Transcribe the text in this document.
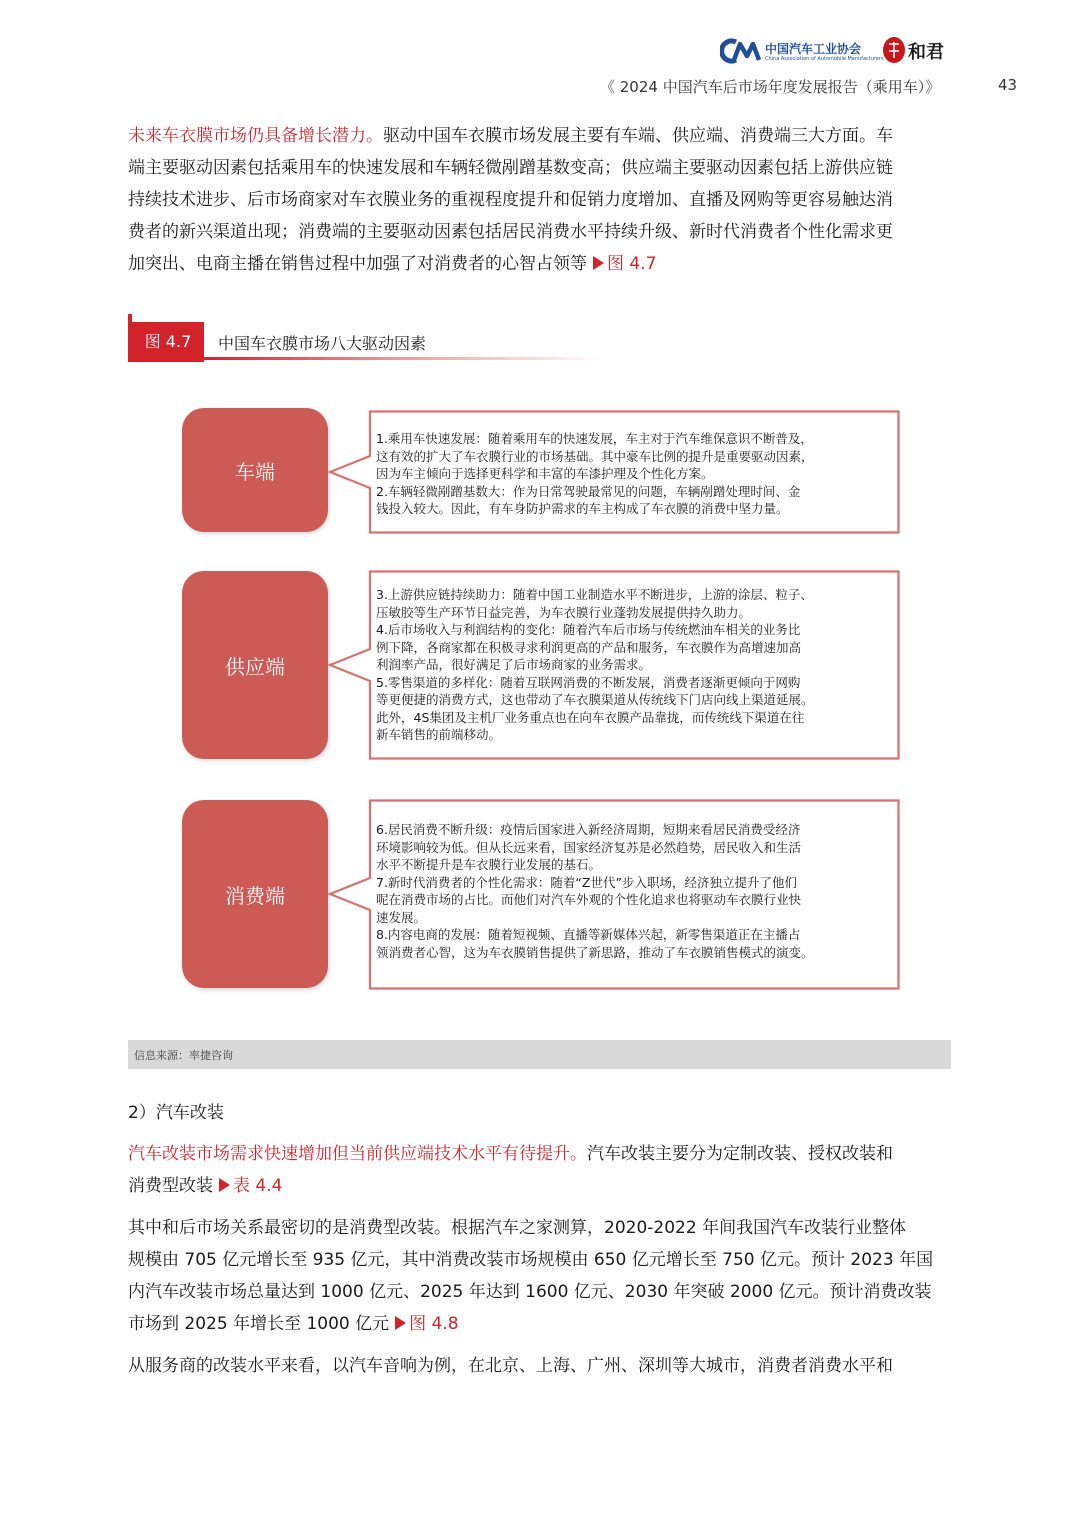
中国汽车工业协会
China Association of Automobile Manufacturers 和君
《 2024 中国汽车后市场年度发展报告（乘用车）》	43
未来车衣膜市场仍具备增长潜力。驱动中国车衣膜市场发展主要有车端、供应端、消费端三大方面。车
端主要驱动因素包括乘用车的快速发展和车辆轻微剐蹭基数变高；供应端主要驱动因素包括上游供应链
持续技术进步、后市场商家对车衣膜业务的重视程度提升和促销力度增加、直播及网购等更容易触达消
费者的新兴渠道出现；消费端的主要驱动因素包括居民消费水平持续升级、新时代消费者个性化需求更
加突出、电商主播在销售过程中加强了对消费者的心智占领等 图 4.7
图 4.7	中国车衣膜市场八大驱动因素
车端
1.乘用车快速发展：随着乘用车的快速发展，车主对于汽车维保意识不断普及，
这有效的扩大了车衣膜行业的市场基础。其中豪车比例的提升是重要驱动因素，
因为车主倾向于选择更科学和丰富的车漆护理及个性化方案。
2.车辆轻微剐蹭基数大：作为日常驾驶最常见的问题，车辆剐蹭处理时间、金
钱投入较大。因此，有车身防护需求的车主构成了车衣膜的消费中坚力量。
供应端
3.上游供应链持续助力：随着中国工业制造水平不断进步，上游的涂层、粒子、
压敏胶等生产环节日益完善，为车衣膜行业蓬勃发展提供持久助力。
4.后市场收入与利润结构的变化：随着汽车后市场与传统燃油车相关的业务比
例下降，各商家都在积极寻求利润更高的产品和服务，车衣膜作为高增速加高
利润率产品，很好满足了后市场商家的业务需求。
5.零售渠道的多样化：随着互联网消费的不断发展，消费者逐渐更倾向于网购
等更便捷的消费方式，这也带动了车衣膜渠道从传统线下门店向线上渠道延展。
此外，4S集团及主机厂业务重点也在向车衣膜产品靠拢，而传统线下渠道在往
新车销售的前端移动。
消费端
6.居民消费不断升级：疫情后国家进入新经济周期，短期来看居民消费受经济
环境影响较为低。但从长远来看，国家经济复苏是必然趋势，居民收入和生活
水平不断提升是车衣膜行业发展的基石。
7.新时代消费者的个性化需求：随着“Z世代”步入职场，经济独立提升了他们
呢在消费市场的占比。而他们对汽车外观的个性化追求也将驱动车衣膜行业快
速发展。
8.内容电商的发展：随着短视频、直播等新媒体兴起，新零售渠道正在主播占
领消费者心智，这为车衣膜销售提供了新思路，推动了车衣膜销售模式的演变。
信息来源：率捷咨询
2）汽车改装
汽车改装市场需求快速增加但当前供应端技术水平有待提升。汽车改装主要分为定制改装、授权改装和
消费型改装 表 4.4
其中和后市场关系最密切的是消费型改装。根据汽车之家测算，2020-2022 年间我国汽车改装行业整体
规模由 705 亿元增长至 935 亿元，其中消费改装市场规模由 650 亿元增长至 750 亿元。预计 2023 年国
内汽车改装市场总量达到 1000 亿元、2025 年达到 1600 亿元、2030 年突破 2000 亿元。预计消费改装
市场到 2025 年增长至 1000 亿元 图 4.8
从服务商的改装水平来看，以汽车音响为例，在北京、上海、广州、深圳等大城市，消费者消费水平和
